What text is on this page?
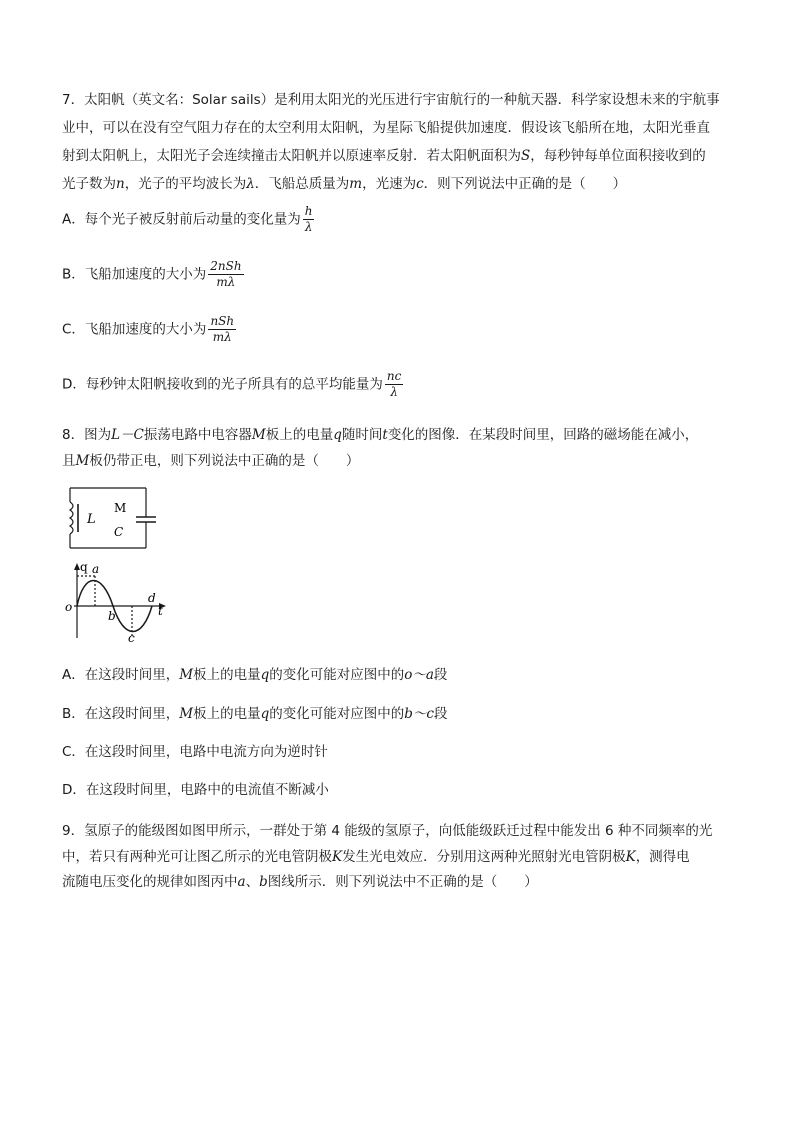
7．太阳帆（英文名：Solar sails）是利用太阳光的光压进行宇宙航行的一种航天器．科学家设想未来的宇航事
业中，可以在没有空气阻力存在的太空利用太阳帆，为星际飞船提供加速度．假设该飞船所在地，太阳光垂直
射到太阳帆上，太阳光子会连续撞击太阳帆并以原速率反射．若太阳帆面积为S，每秒钟每单位面积接收到的
光子数为n，光子的平均波长为λ．飞船总质量为m，光速为c．则下列说法中正确的是（　　）
A．每个光子被反射前后动量的变化量为 $\frac{h}{\lambda}$
B．飞船加速度的大小为 $\frac{\text{2nSh}}{m\lambda}$
C．飞船加速度的大小为 $\frac{\text{nSh}}{m\lambda}$
D．每秒钟太阳帆接收到的光子所具有的总平均能量为 $\frac{nc}{\lambda}$
8．图为L－C振荡电路中电容器M板上的电量q随时间t变化的图像．在某段时间里，回路的磁场能在减小，
且M板仍带正电，则下列说法中正确的是（　　）
L
M
C
q a
o
b
d
t
c
A．在这段时间里，M板上的电量q的变化可能对应图中的o～a段
B．在这段时间里，M板上的电量q的变化可能对应图中的b～c段
C．在这段时间里，电路中电流方向为逆时针
D．在这段时间里，电路中的电流值不断减小
9．氢原子的能级图如图甲所示，一群处于第 4 能级的氢原子，向低能级跃迁过程中能发出 6 种不同频率的光
中，若只有两种光可让图乙所示的光电管阴极K发生光电效应．分别用这两种光照射光电管阴极K，测得电
流随电压变化的规律如图丙中a、b图线所示．则下列说法中不正确的是（　　）
